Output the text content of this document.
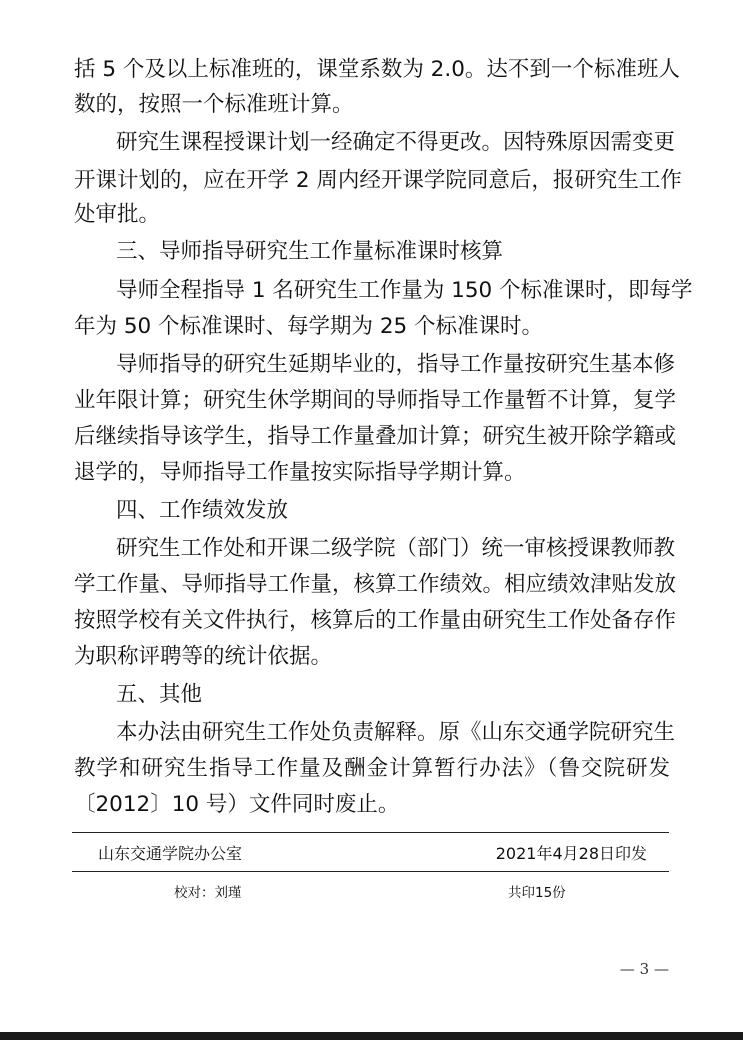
括 5 个及以上标准班的，课堂系数为 2.0。达不到一个标准班人
数的，按照一个标准班计算。
研究生课程授课计划一经确定不得更改。因特殊原因需变更
开课计划的，应在开学 2 周内经开课学院同意后，报研究生工作
处审批。
三、导师指导研究生工作量标准课时核算
导师全程指导 1 名研究生工作量为 150 个标准课时，即每学
年为 50 个标准课时、每学期为 25 个标准课时。
导师指导的研究生延期毕业的，指导工作量按研究生基本修
业年限计算；研究生休学期间的导师指导工作量暂不计算，复学
后继续指导该学生，指导工作量叠加计算；研究生被开除学籍或
退学的，导师指导工作量按实际指导学期计算。
四、工作绩效发放
研究生工作处和开课二级学院（部门）统一审核授课教师教
学工作量、导师指导工作量，核算工作绩效。相应绩效津贴发放
按照学校有关文件执行，核算后的工作量由研究生工作处备存作
为职称评聘等的统计依据。
五、其他
本办法由研究生工作处负责解释。原《山东交通学院研究生
教学和研究生指导工作量及酬金计算暂行办法》（鲁交院研发
〔2012〕10 号）文件同时废止。
山东交通学院办公室	2021年4月28日印发
校对：刘瑾	共印15份
— 3 —
